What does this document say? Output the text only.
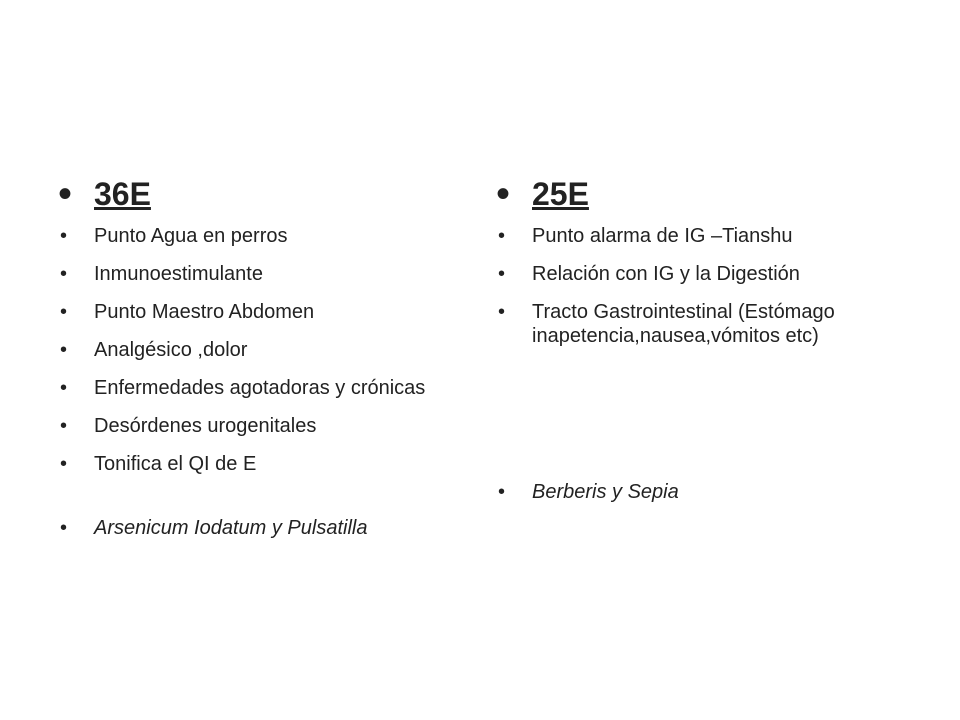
• 36E
• Punto Agua en perros
• Inmunoestimulante
• Punto Maestro Abdomen
• Analgésico ,dolor
• Enfermedades agotadoras y crónicas
• Desórdenes urogenitales
• Tonifica el QI de E
• Arsenicum Iodatum y Pulsatilla
• 25E
• Punto alarma de IG –Tianshu
• Relación con IG y la Digestión
• Tracto Gastrointestinal (Estómago inapetencia,nausea,vómitos etc)
• Berberis y Sepia
